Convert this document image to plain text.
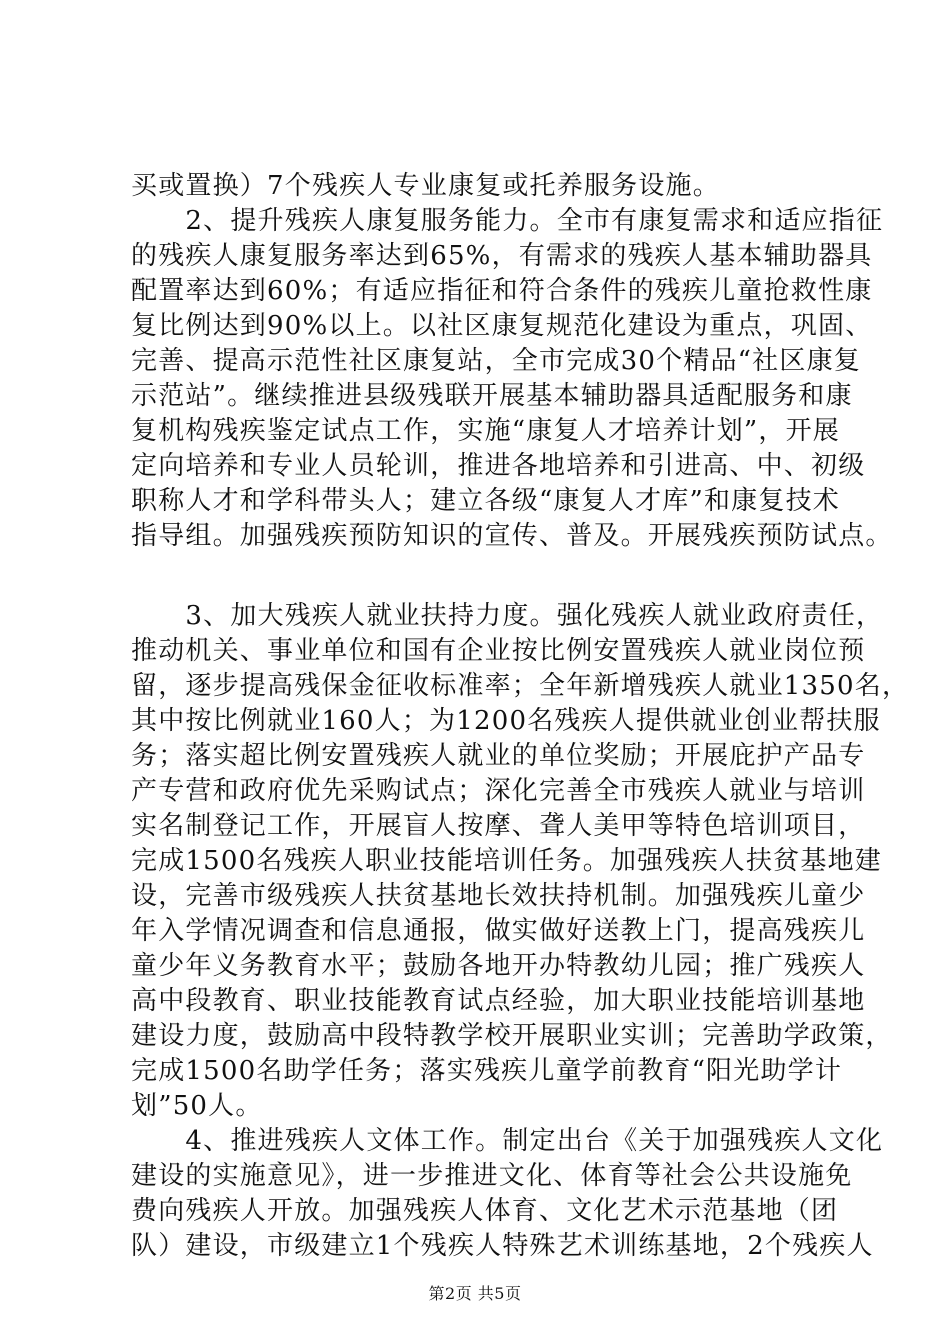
买或置换）7个残疾人专业康复或托养服务设施。
　　2、提升残疾人康复服务能力。全市有康复需求和适应指征
的残疾人康复服务率达到65%，有需求的残疾人基本辅助器具
配置率达到60%；有适应指征和符合条件的残疾儿童抢救性康
复比例达到90%以上。以社区康复规范化建设为重点，巩固、
完善、提高示范性社区康复站，全市完成30个精品“社区康复
示范站”。继续推进县级残联开展基本辅助器具适配服务和康
复机构残疾鉴定试点工作，实施“康复人才培养计划”，开展
定向培养和专业人员轮训，推进各地培养和引进高、中、初级
职称人才和学科带头人；建立各级“康复人才库”和康复技术
指导组。加强残疾预防知识的宣传、普及。开展残疾预防试点。
　　3、加大残疾人就业扶持力度。强化残疾人就业政府责任，
推动机关、事业单位和国有企业按比例安置残疾人就业岗位预
留，逐步提高残保金征收标准率；全年新增残疾人就业1350名，
其中按比例就业160人；为1200名残疾人提供就业创业帮扶服
务；落实超比例安置残疾人就业的单位奖励；开展庇护产品专
产专营和政府优先采购试点；深化完善全市残疾人就业与培训
实名制登记工作，开展盲人按摩、聋人美甲等特色培训项目，
完成1500名残疾人职业技能培训任务。加强残疾人扶贫基地建
设，完善市级残疾人扶贫基地长效扶持机制。加强残疾儿童少
年入学情况调查和信息通报，做实做好送教上门，提高残疾儿
童少年义务教育水平；鼓励各地开办特教幼儿园；推广残疾人
高中段教育、职业技能教育试点经验，加大职业技能培训基地
建设力度，鼓励高中段特教学校开展职业实训；完善助学政策，
完成1500名助学任务；落实残疾儿童学前教育“阳光助学计
划”50人。
　　4、推进残疾人文体工作。制定出台《关于加强残疾人文化
建设的实施意见》，进一步推进文化、体育等社会公共设施免
费向残疾人开放。加强残疾人体育、文化艺术示范基地（团
队）建设，市级建立1个残疾人特殊艺术训练基地，2个残疾人
第2页 共5页
